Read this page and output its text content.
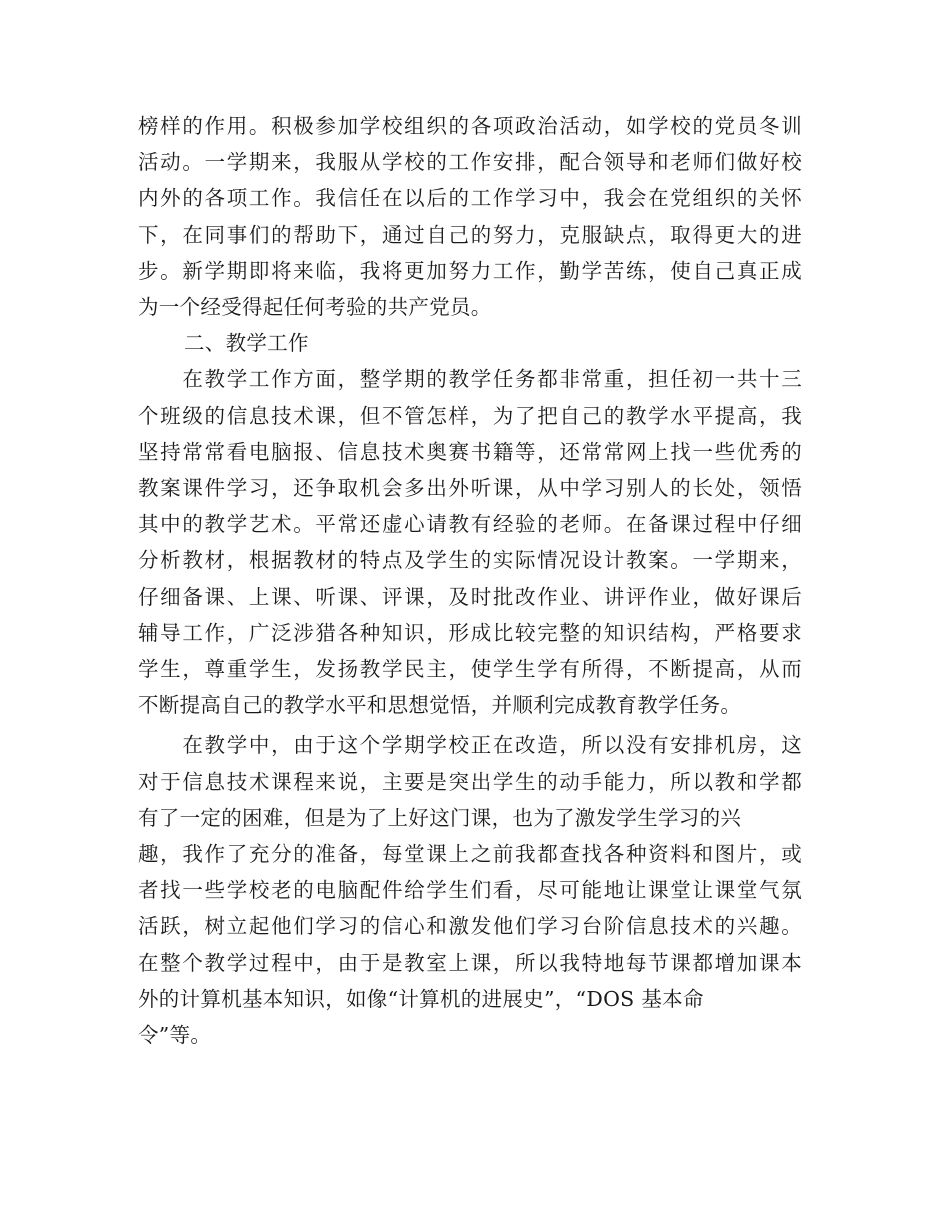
榜样的作用。积极参加学校组织的各项政治活动，如学校的党员冬训

活动。一学期来，我服从学校的工作安排，配合领导和老师们做好校

内外的各项工作。我信任在以后的工作学习中，我会在党组织的关怀

下，在同事们的帮助下，通过自己的努力，克服缺点，取得更大的进

步。新学期即将来临，我将更加努力工作，勤学苦练，使自己真正成

为一个经受得起任何考验的共产党员。

二、教学工作

　　在教学工作方面，整学期的教学任务都非常重，担任初一共十三

个班级的信息技术课，但不管怎样，为了把自己的教学水平提高，我

坚持常常看电脑报、信息技术奥赛书籍等，还常常网上找一些优秀的

教案课件学习，还争取机会多出外听课，从中学习别人的长处，领悟

其中的教学艺术。平常还虚心请教有经验的老师。在备课过程中仔细

分析教材，根据教材的特点及学生的实际情况设计教案。一学期来，

仔细备课、上课、听课、评课，及时批改作业、讲评作业，做好课后

辅导工作，广泛涉猎各种知识，形成比较完整的知识结构，严格要求

学生，尊重学生，发扬教学民主，使学生学有所得，不断提高，从而

不断提高自己的教学水平和思想觉悟，并顺利完成教育教学任务。

　　在教学中，由于这个学期学校正在改造，所以没有安排机房，这

对于信息技术课程来说，主要是突出学生的动手能力，所以教和学都

有了一定的困难，但是为了上好这门课，也为了激发学生学习的兴

趣，我作了充分的准备，每堂课上之前我都查找各种资料和图片，或

者找一些学校老的电脑配件给学生们看，尽可能地让课堂让课堂气氛

活跃，树立起他们学习的信心和激发他们学习台阶信息技术的兴趣。

在整个教学过程中，由于是教室上课，所以我特地每节课都增加课本

外的计算机基本知识，如像“计算机的进展史”，“DOS 基本命

令”等。
